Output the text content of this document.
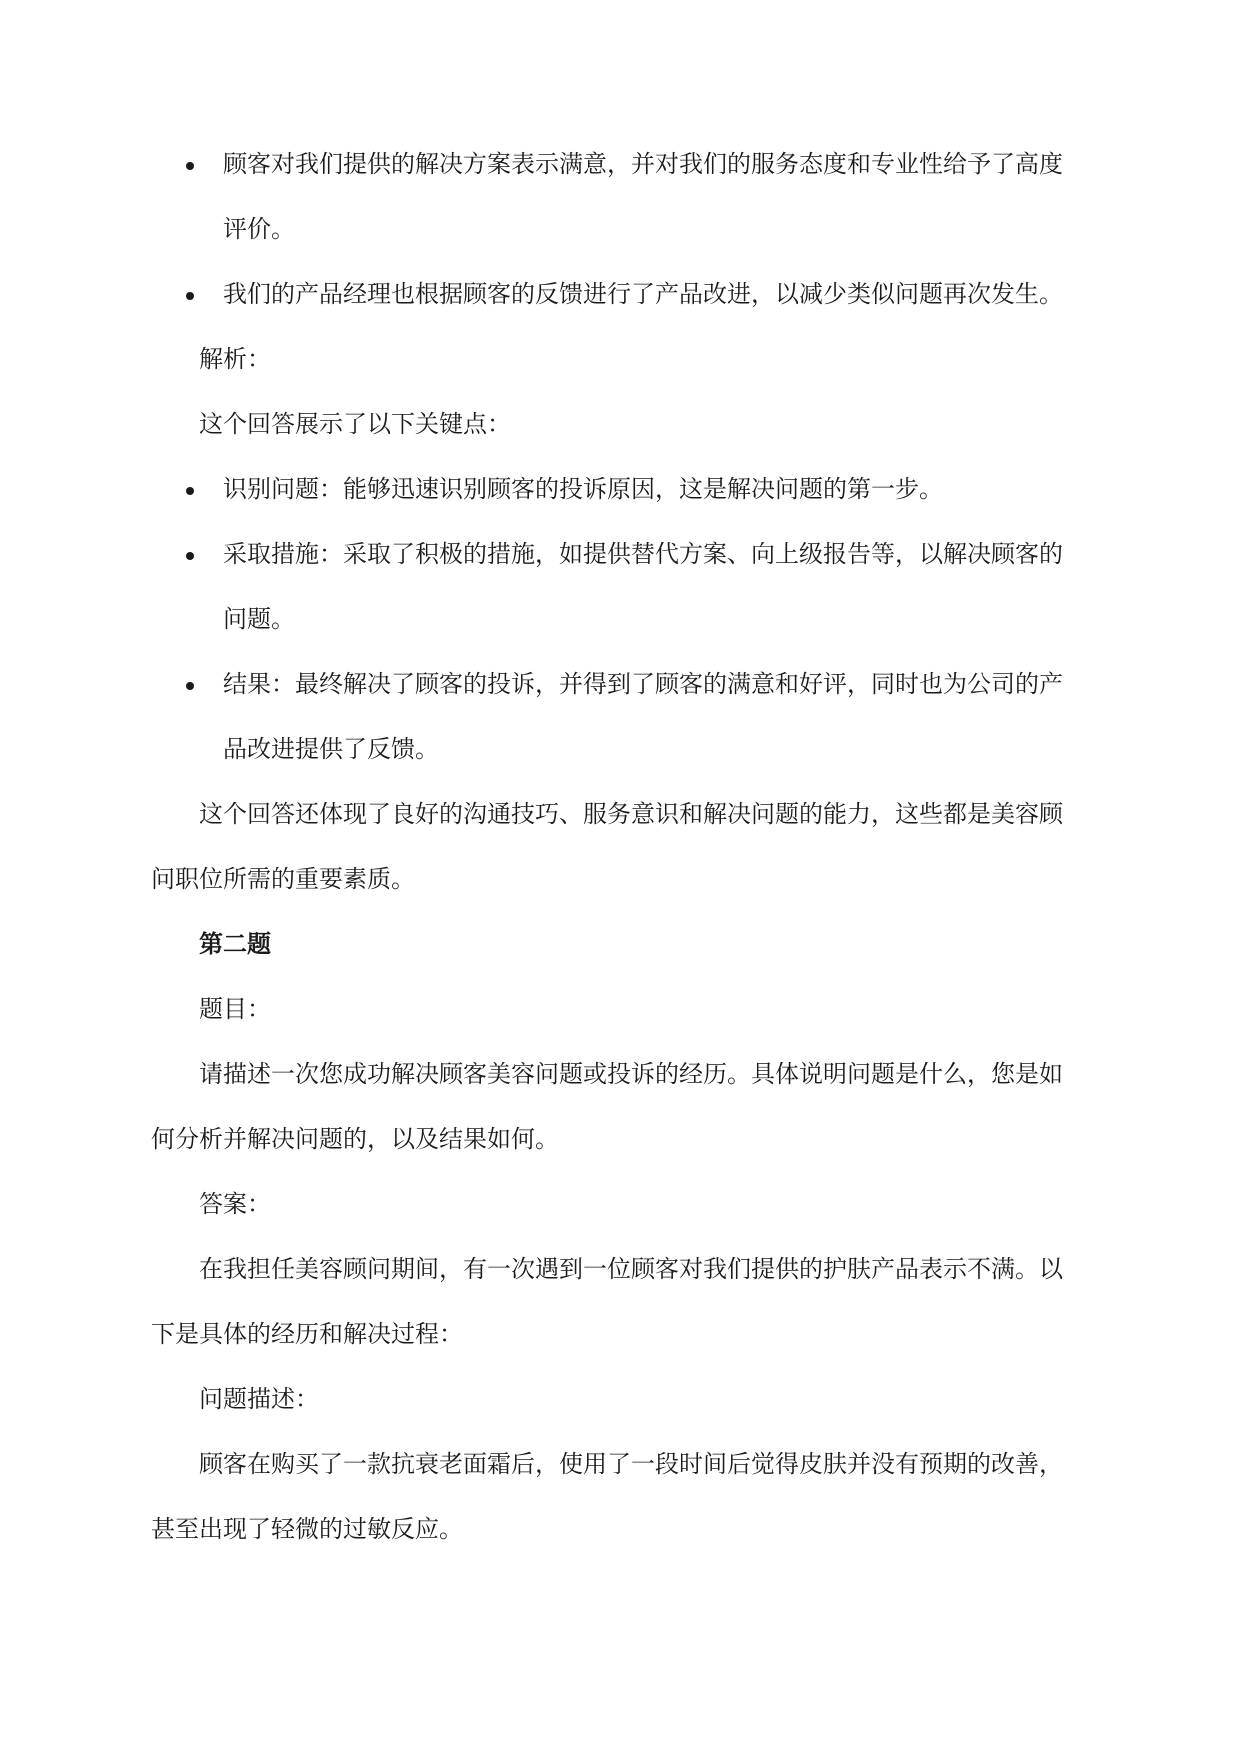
顾客对我们提供的解决方案表示满意，并对我们的服务态度和专业性给予了高度

评价。

我们的产品经理也根据顾客的反馈进行了产品改进，以减少类似问题再次发生。

解析：

这个回答展示了以下关键点：

识别问题：能够迅速识别顾客的投诉原因，这是解决问题的第一步。

采取措施：采取了积极的措施，如提供替代方案、向上级报告等，以解决顾客的

问题。

结果：最终解决了顾客的投诉，并得到了顾客的满意和好评，同时也为公司的产

品改进提供了反馈。

这个回答还体现了良好的沟通技巧、服务意识和解决问题的能力，这些都是美容顾

问职位所需的重要素质。

第二题

题目：

请描述一次您成功解决顾客美容问题或投诉的经历。具体说明问题是什么，您是如

何分析并解决问题的，以及结果如何。

答案：

在我担任美容顾问期间，有一次遇到一位顾客对我们提供的护肤产品表示不满。以

下是具体的经历和解决过程：

问题描述：

顾客在购买了一款抗衰老面霜后，使用了一段时间后觉得皮肤并没有预期的改善，

甚至出现了轻微的过敏反应。
